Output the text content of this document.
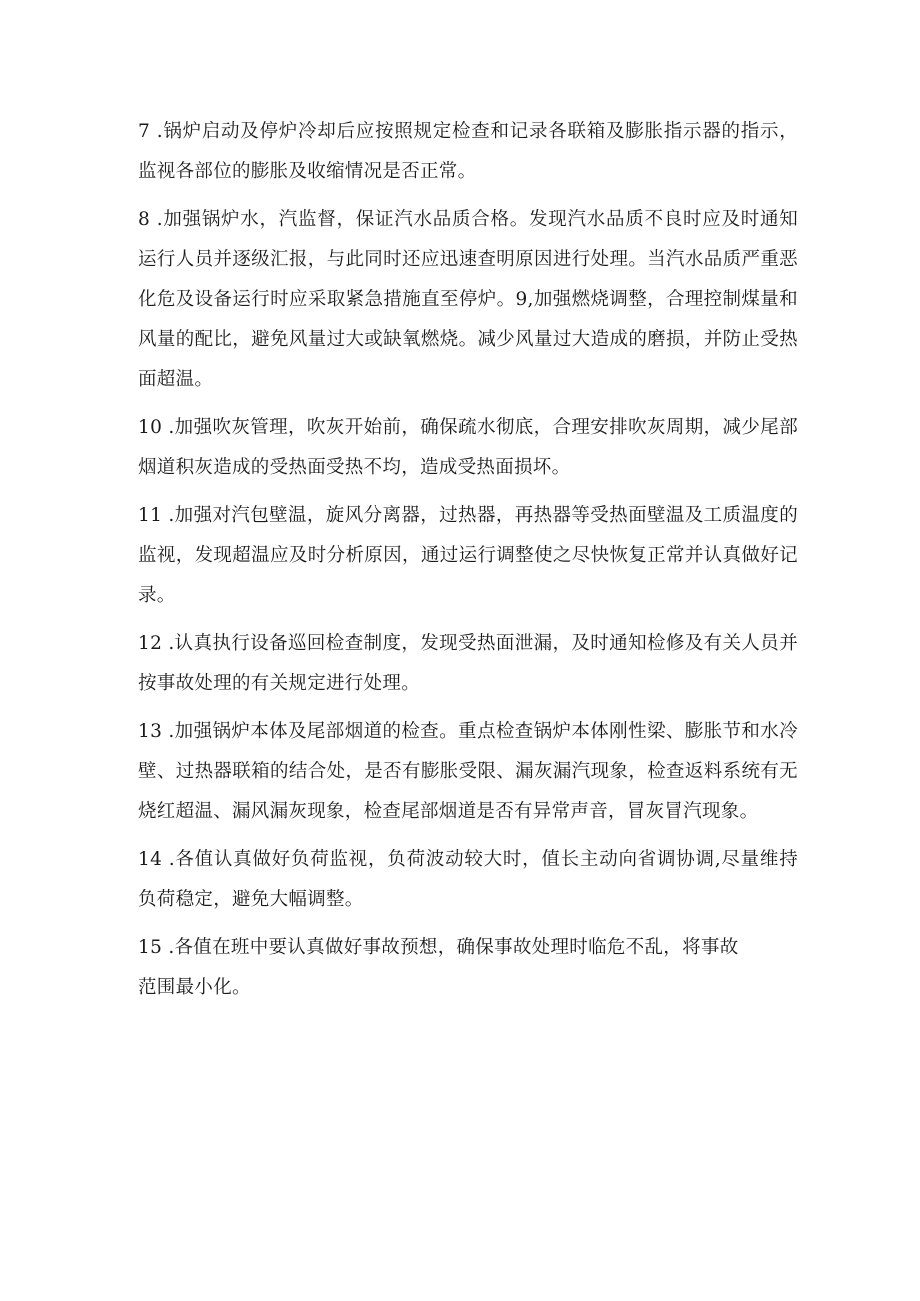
7 .锅炉启动及停炉冷却后应按照规定检查和记录各联箱及膨胀指示器的指示，监视各部位的膨胀及收缩情况是否正常。

8 .加强锅炉水，汽监督，保证汽水品质合格。发现汽水品质不良时应及时通知运行人员并逐级汇报，与此同时还应迅速查明原因进行处理。当汽水品质严重恶化危及设备运行时应采取紧急措施直至停炉。9,加强燃烧调整，合理控制煤量和风量的配比，避免风量过大或缺氧燃烧。减少风量过大造成的磨损，并防止受热面超温。

10 .加强吹灰管理，吹灰开始前，确保疏水彻底，合理安排吹灰周期，减少尾部烟道积灰造成的受热面受热不均，造成受热面损坏。

11 .加强对汽包壁温，旋风分离器，过热器，再热器等受热面壁温及工质温度的监视，发现超温应及时分析原因，通过运行调整使之尽快恢复正常并认真做好记录。

12 .认真执行设备巡回检查制度，发现受热面泄漏，及时通知检修及有关人员并按事故处理的有关规定进行处理。

13 .加强锅炉本体及尾部烟道的检查。重点检查锅炉本体刚性梁、膨胀节和水冷壁、过热器联箱的结合处，是否有膨胀受限、漏灰漏汽现象，检查返料系统有无烧红超温、漏风漏灰现象，检查尾部烟道是否有异常声音，冒灰冒汽现象。

14 .各值认真做好负荷监视，负荷波动较大时，值长主动向省调协调,尽量维持负荷稳定，避免大幅调整。

15 .各值在班中要认真做好事故预想，确保事故处理时临危不乱，将事故范围最小化。
